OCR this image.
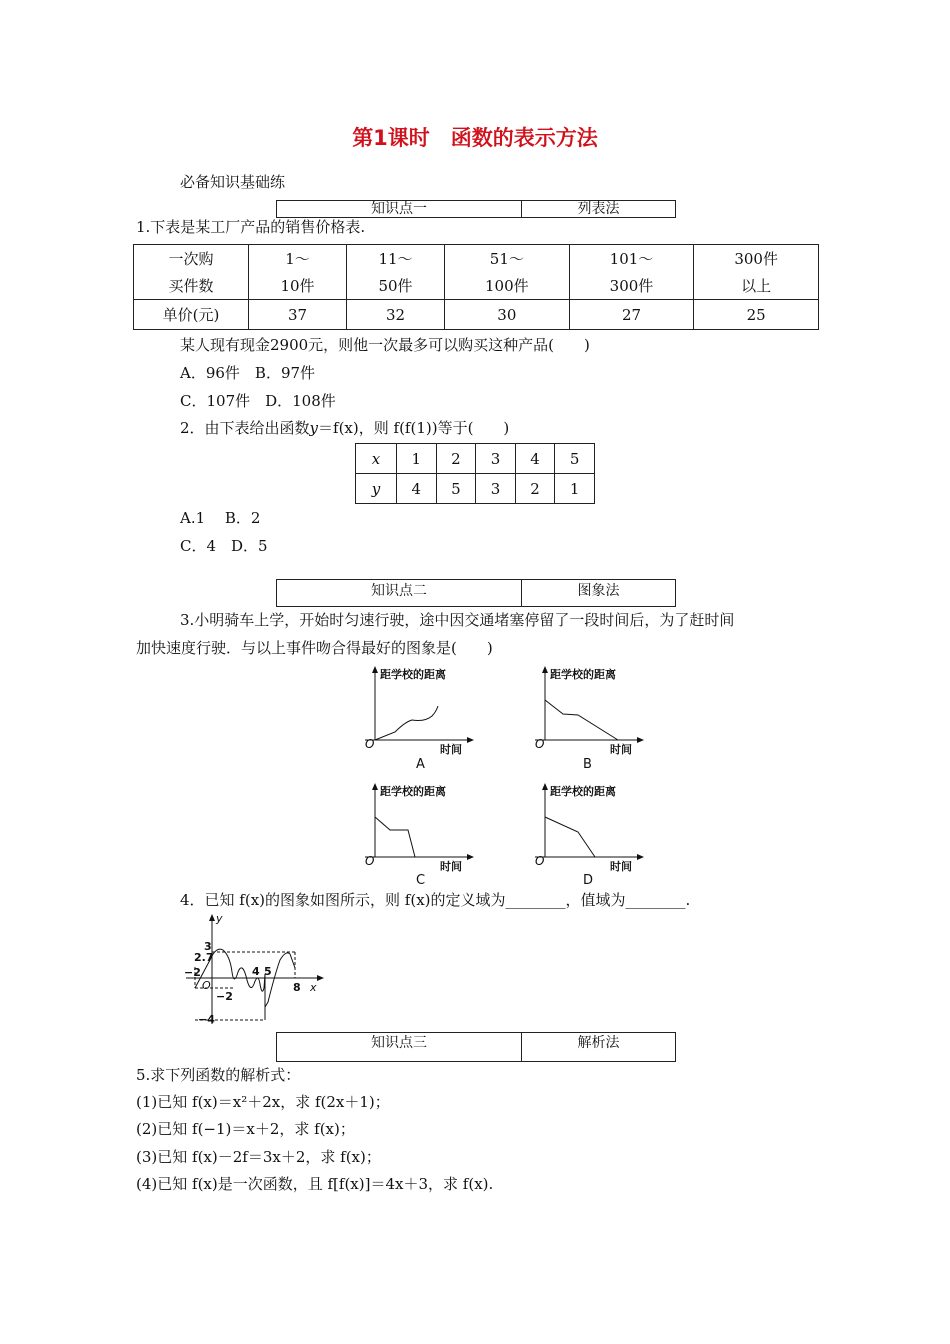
第1课时　函数的表示方法
必备知识基础练
知识点一	列表法
1.下表是某工厂产品的销售价格表.
一次购	1～	11～	51～	101～	300件
买件数	10件	50件	100件	300件	以上
单价(元)	37	32	30	27	25
某人现有现金2900元，则他一次最多可以购买这种产品(　　)
A．96件　B．97件
C．107件　D．108件
2．由下表给出函数y＝f(x)，则 f(f(1))等于(　　)
x	1	2	3	4	5
y	4	5	3	2	1
A.1　 B．2
C．4　D．5
知识点二	图象法
3.小明骑车上学，开始时匀速行驶，途中因交通堵塞停留了一段时间后，为了赶时间
加快速度行驶．与以上事件吻合得最好的图象是(　　)
距学校的距离	距学校的距离
距学校的距离	距学校的距离
时间	时间
时间	时间
O	O
O	O
A	B
C	D
4．已知 f(x)的图象如图所示，则 f(x)的定义域为________，值域为________.
y
x
O
3
2.7
−2
−2
−4
4 5
8
知识点三	解析法
5.求下列函数的解析式：
(1)已知 f(x)＝x²＋2x，求 f(2x＋1)；
(2)已知 f(−1)＝x＋2，求 f(x)；
(3)已知 f(x)－2f＝3x＋2，求 f(x)；
(4)已知 f(x)是一次函数，且 f[f(x)]＝4x＋3，求 f(x).
